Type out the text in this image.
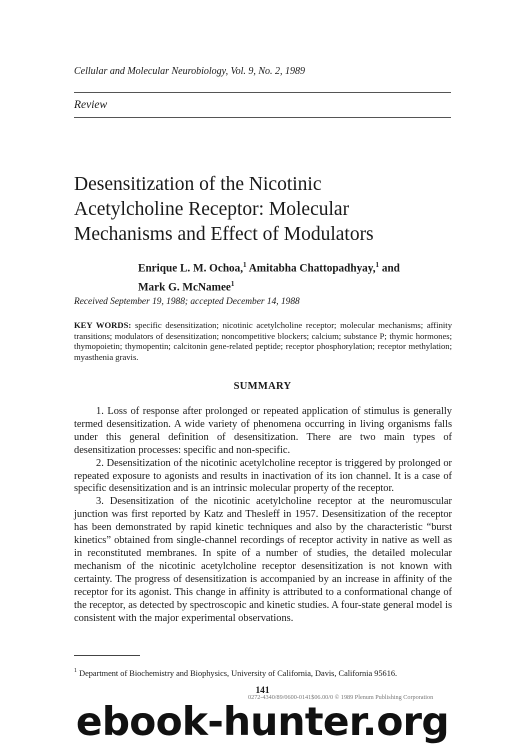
Cellular and Molecular Neurobiology, Vol. 9, No. 2, 1989
Review
Desensitization of the Nicotinic
Acetylcholine Receptor: Molecular
Mechanisms and Effect of Modulators
Enrique L. M. Ochoa,$^1$ Amitabha Chattopadhyay,$^1$ and
Mark G. McNamee$^1$
Received September 19, 1988; accepted December 14, 1988
KEY WORDS: specific desensitization; nicotinic acetylcholine receptor; molecular mechanisms; affinity transitions; modulators of desensitization; noncompetitive blockers; calcium; substance P; thymic hormones; thymopoietin; thymopentin; calcitonin gene-related peptide; receptor phosphorylation; receptor methylation; myasthenia gravis.
SUMMARY

1. Loss of response after prolonged or repeated application of stimulus is generally termed desensitization. A wide variety of phenomena occurring in living organisms falls under this general definition of desensitization. There are two main types of desensitization processes: specific and non-specific.

2. Desensitization of the nicotinic acetylcholine receptor is triggered by prolonged or repeated exposure to agonists and results in inactivation of its ion channel. It is a case of specific desensitization and is an intrinsic molecular property of the receptor.

3. Desensitization of the nicotinic acetylcholine receptor at the neuromuscular junction was first reported by Katz and Thesleff in 1957. Desensitization of the receptor has been demonstrated by rapid kinetic techniques and also by the characteristic “burst kinetics” obtained from single-channel recordings of receptor activity in native as well as in reconstituted membranes. In spite of a number of studies, the detailed molecular mechanism of the nicotinic acetylcholine receptor desensitization is not known with certainty. The progress of desensitization is accompanied by an increase in affinity of the receptor for its agonist. This change in affinity is attributed to a conformational change of the receptor, as detected by spectroscopic and kinetic studies. A four-state general model is consistent with the major experimental observations.

$^1$ Department of Biochemistry and Biophysics, University of California, Davis, California 95616.
141
0272-4340/89/0600-0141$06.00/0 © 1989 Plenum Publishing Corporation
ebook-hunter.org
